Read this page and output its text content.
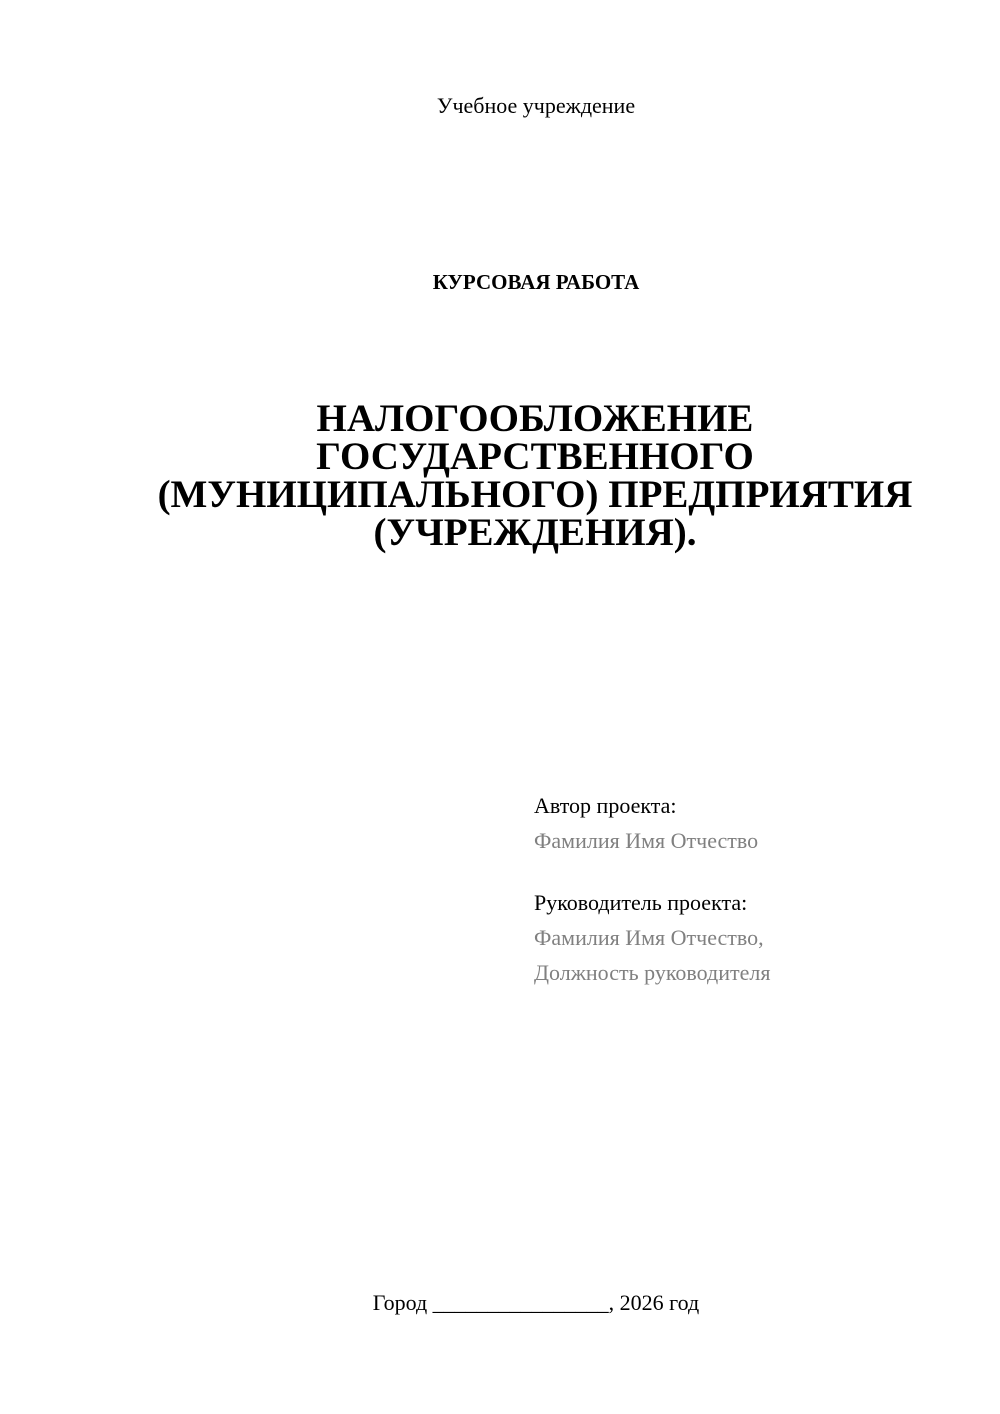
Учебное учреждение
КУРСОВАЯ РАБОТА
НАЛОГООБЛОЖЕНИЕ
ГОСУДАРСТВЕННОГО
(МУНИЦИПАЛЬНОГО) ПРЕДПРИЯТИЯ
(УЧРЕЖДЕНИЯ).
Автор проекта:
Фамилия Имя Отчество
Руководитель проекта:
Фамилия Имя Отчество,
Должность руководителя
Город ________________, 2026 год
